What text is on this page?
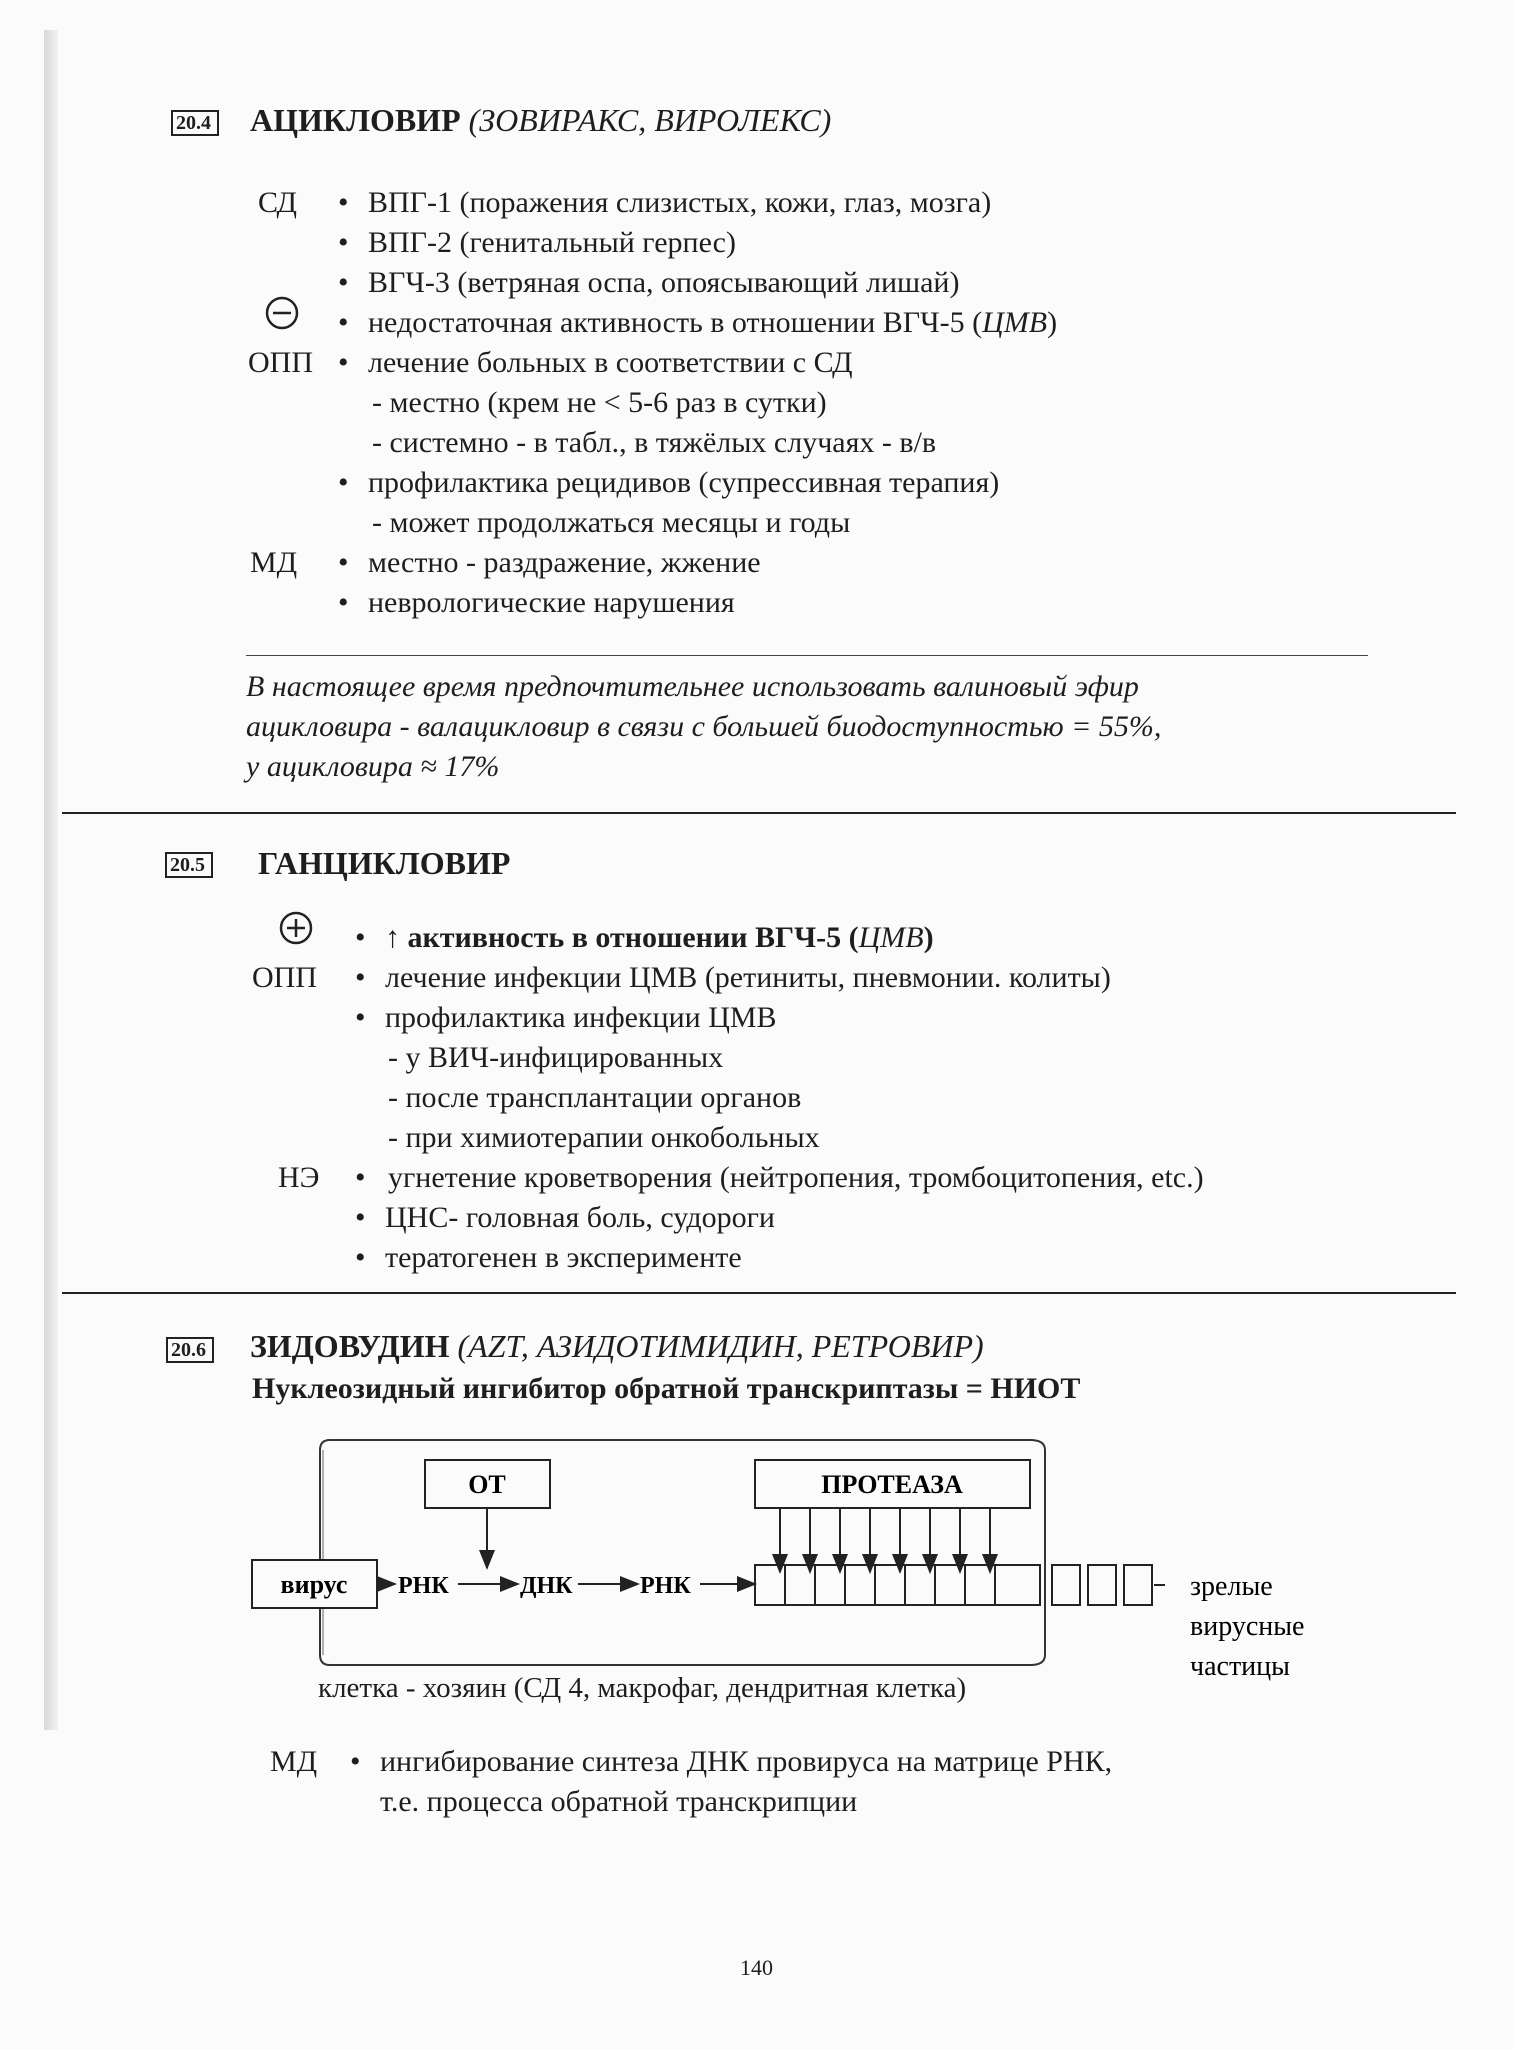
20.4 АЦИКЛОВИР (ЗОВИРАКС, ВИРОЛЕКС)
СД • ВПГ-1 (поражения слизистых, кожи, глаз, мозга)
• ВПГ-2 (генитальный герпес)
• ВГЧ-3 (ветряная оспа, опоясывающий лишай)
• недостаточная активность в отношении ВГЧ-5 (ЦМВ)
ОПП • лечение больных в соответствии с СД
- местно (крем не < 5-6 раз в сутки)
- системно - в табл., в тяжёлых случаях - в/в
• профилактика рецидивов (супрессивная терапия)
- может продолжаться месяцы и годы
МД • местно - раздражение, жжение
• неврологические нарушения
В настоящее время предпочтительнее использовать валиновый эфир
ацикловира - валацикловир в связи с большей биодоступностью = 55%,
у ацикловира ≈ 17%
20.5 ГАНЦИКЛОВИР
• ↑ активность в отношении ВГЧ-5 (ЦМВ)
ОПП • лечение инфекции ЦМВ (ретиниты, пневмонии. колиты)
• профилактика инфекции ЦМВ
- у ВИЧ-инфицированных
- после трансплантации органов
- при химиотерапии онкобольных
НЭ • угнетение кроветворения (нейтропения, тромбоцитопения, etc.)
• ЦНС- головная боль, судороги
• тератогенен в эксперименте
20.6 ЗИДОВУДИН (AZT, АЗИДОТИМИДИН, РЕТРОВИР)
Нуклеозидный ингибитор обратной транскриптазы = НИОТ
ОТ	ПРОТЕАЗА
вирус РНК	ДНК	РНК	зрелые
вирусные
частицы
клетка - хозяин (СД 4, макрофаг, дендритная клетка)
МД • ингибирование синтеза ДНК провируса на матрице РНК,
т.е. процесса обратной транскрипции
140
